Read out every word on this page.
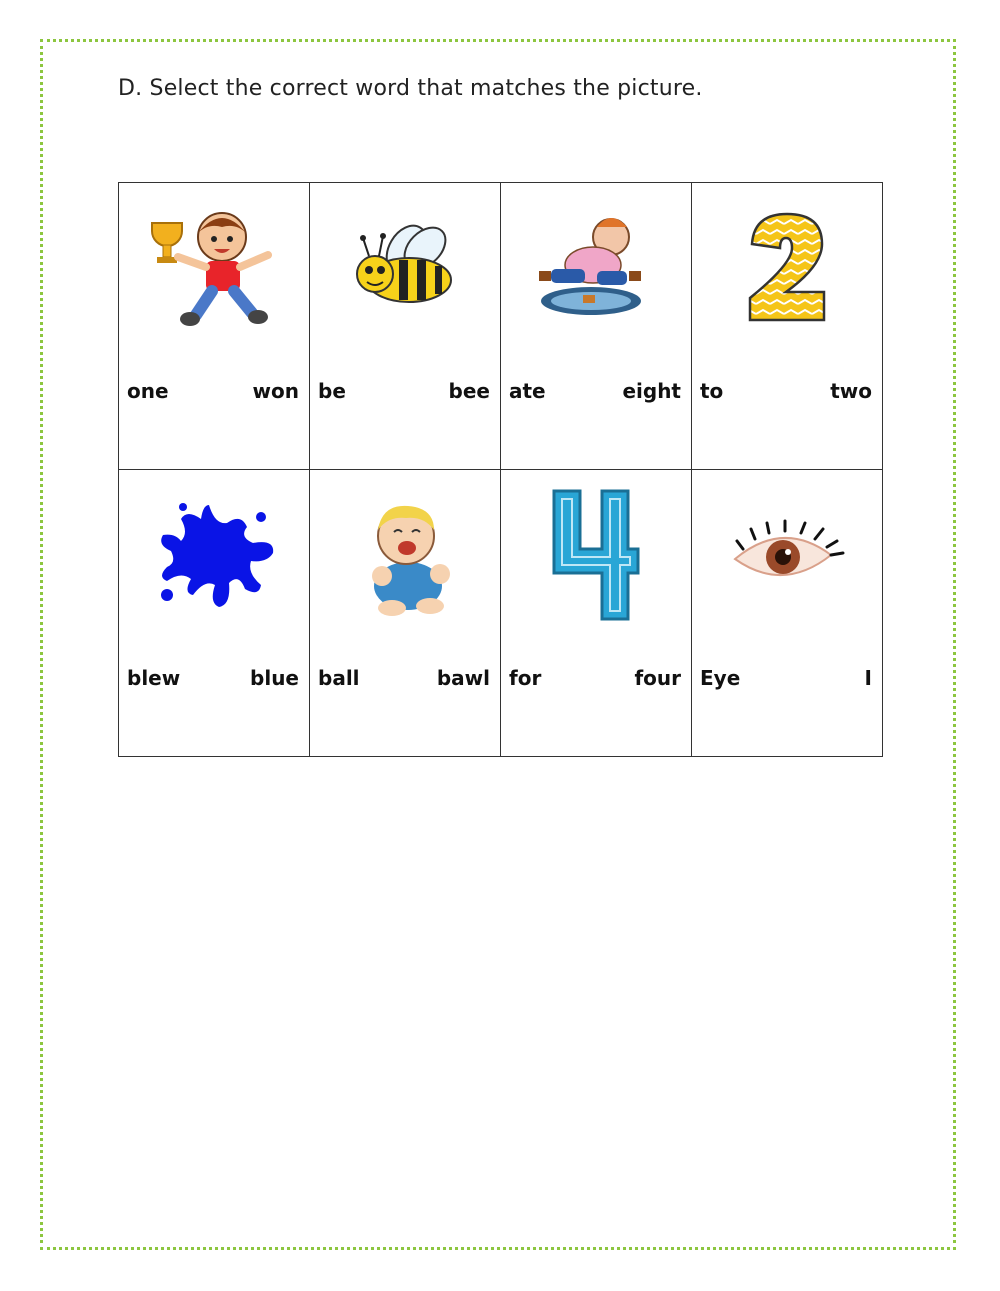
D. Select the correct word that matches the picture.
one won	be bee	ate eight	to two

blew blue	ball bawl	for four	Eye I
